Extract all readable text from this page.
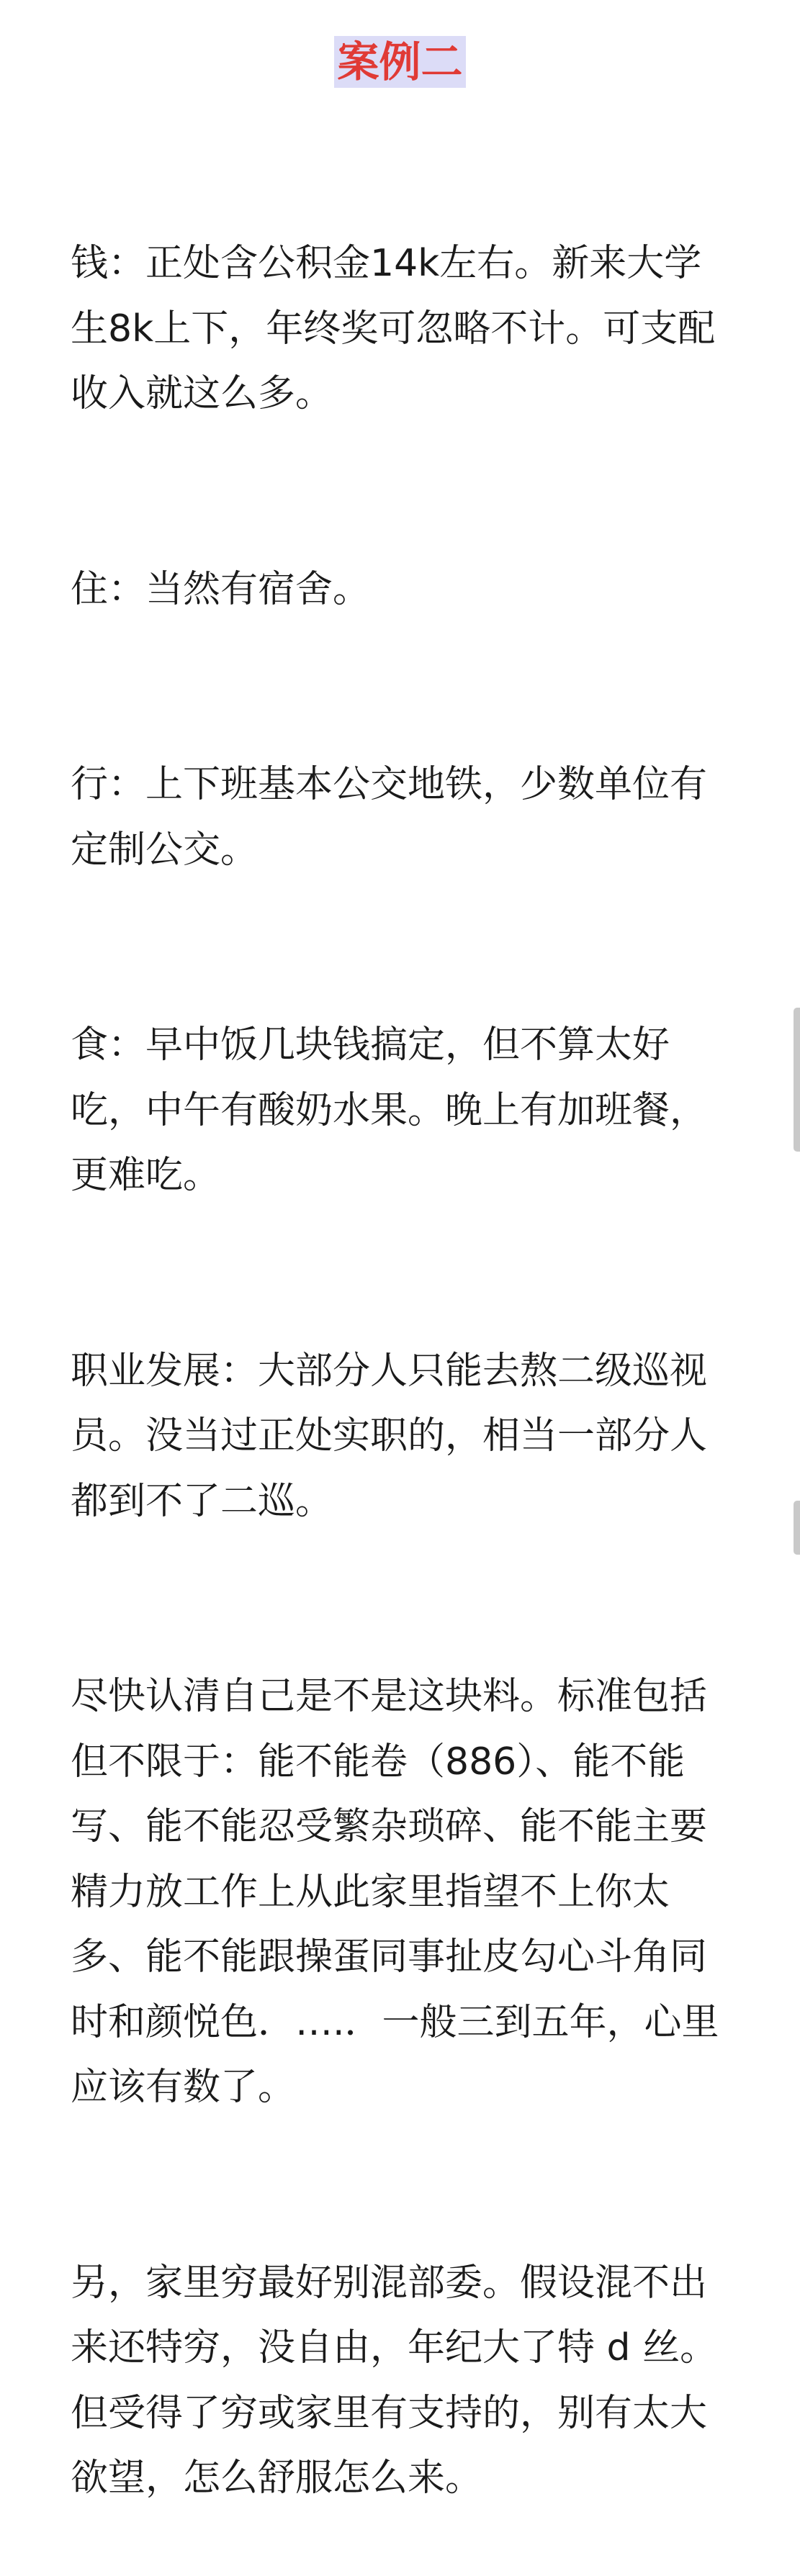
案例二

钱：正处含公积金14k左右。新来大学
生8k上下，年终奖可忽略不计。可支配
收入就这么多。

住：当然有宿舍。

行：上下班基本公交地铁，少数单位有
定制公交。

食：早中饭几块钱搞定，但不算太好
吃，中午有酸奶水果。晚上有加班餐，
更难吃。

职业发展：大部分人只能去熬二级巡视
员。没当过正处实职的，相当一部分人
都到不了二巡。

尽快认清自己是不是这块料。标准包括
但不限于：能不能卷（886）、能不能
写、能不能忍受繁杂琐碎、能不能主要
精力放工作上从此家里指望不上你太
多、能不能跟操蛋同事扯皮勾心斗角同
时和颜悦色．….．一般三到五年，心里
应该有数了。

另，家里穷最好别混部委。假设混不出
来还特穷，没自由，年纪大了特 d 丝。
但受得了穷或家里有支持的，别有太大
欲望，怎么舒服怎么来。
